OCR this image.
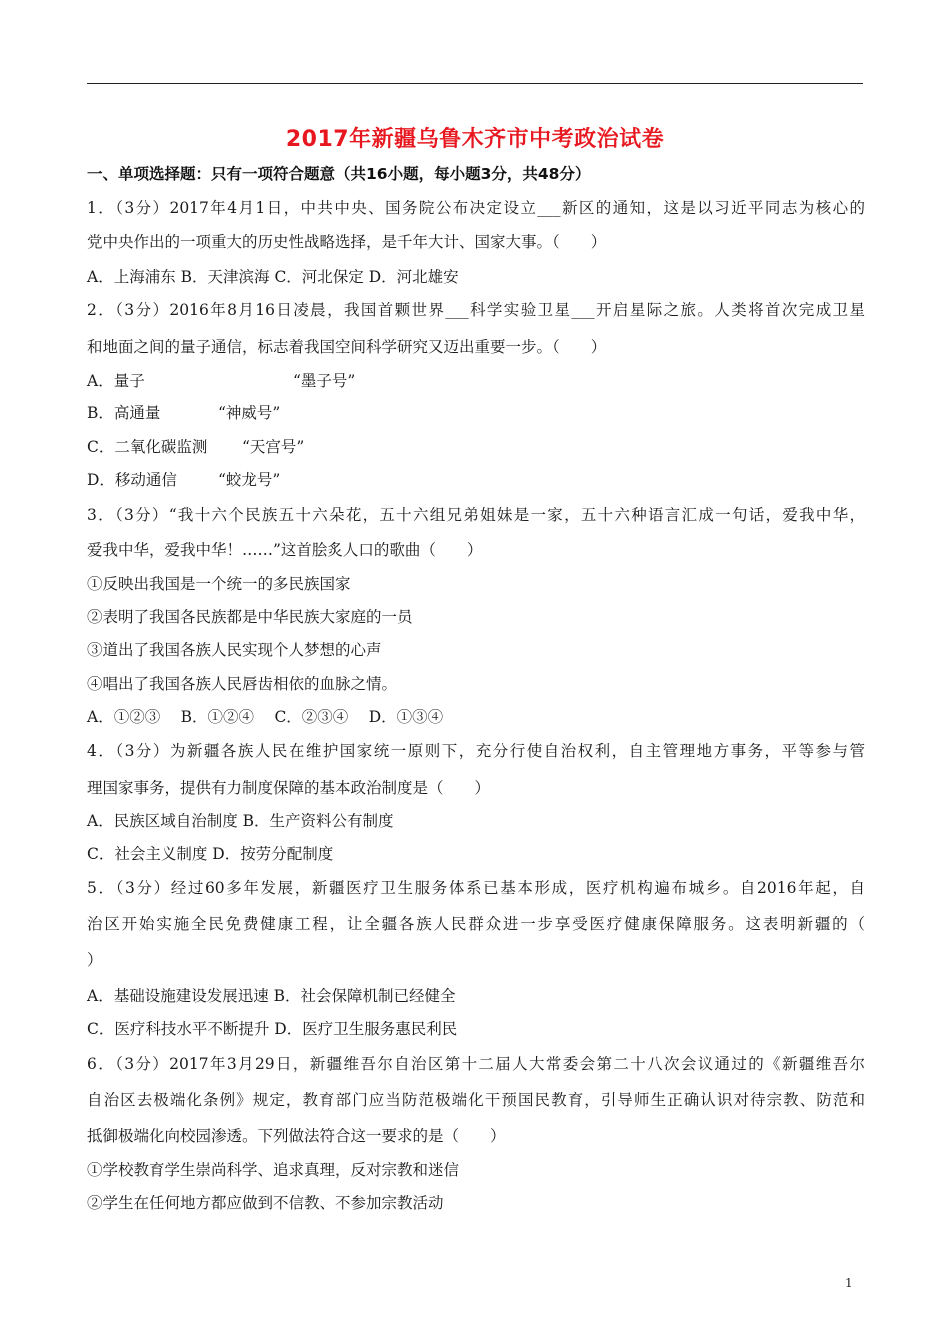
2017年新疆乌鲁木齐市中考政治试卷
一、单项选择题：只有一项符合题意（共16小题，每小题3分，共48分）
1．（3分）2017年4月1日，中共中央、国务院公布决定设立___新区的通知，这是以习近平同志为核心的
党中央作出的一项重大的历史性战略选择，是千年大计、国家大事。（　　）
A．上海浦东 B．天津滨海 C．河北保定 D．河北雄安
2．（3分）2016年8月16日凌晨，我国首颗世界___科学实验卫星___开启星际之旅。人类将首次完成卫星
和地面之间的量子通信，标志着我国空间科学研究又迈出重要一步。（　　）
A．量子	“墨子号”
B．高通量	“神威号”
C．二氧化碳监测 “天宫号”
D．移动通信	“蛟龙号”
3．（3分）“我十六个民族五十六朵花，五十六组兄弟姐妹是一家，五十六种语言汇成一句话，爱我中华，
爱我中华，爱我中华！……”这首脍炙人口的歌曲（　　）
①反映出我国是一个统一的多民族国家
②表明了我国各民族都是中华民族大家庭的一员
③道出了我国各族人民实现个人梦想的心声
④唱出了我国各族人民唇齿相依的血脉之情。
A．①②③　 B．①②④　 C．②③④　 D．①③④
4．（3分）为新疆各族人民在维护国家统一原则下，充分行使自治权利，自主管理地方事务，平等参与管
理国家事务，提供有力制度保障的基本政治制度是（　　）
A．民族区域自治制度 B．生产资料公有制度
C．社会主义制度 D．按劳分配制度
5．（3分）经过60多年发展，新疆医疗卫生服务体系已基本形成，医疗机构遍布城乡。自2016年起，自
治区开始实施全民免费健康工程，让全疆各族人民群众进一步享受医疗健康保障服务。这表明新疆的（
）
A．基础设施建设发展迅速 B．社会保障机制已经健全
C．医疗科技水平不断提升 D．医疗卫生服务惠民利民
6．（3分）2017年3月29日，新疆维吾尔自治区第十二届人大常委会第二十八次会议通过的《新疆维吾尔
自治区去极端化条例》规定，教育部门应当防范极端化干预国民教育，引导师生正确认识对待宗教、防范和
抵御极端化向校园渗透。下列做法符合这一要求的是（　　）
①学校教育学生崇尚科学、追求真理，反对宗教和迷信
②学生在任何地方都应做到不信教、不参加宗教活动
1
